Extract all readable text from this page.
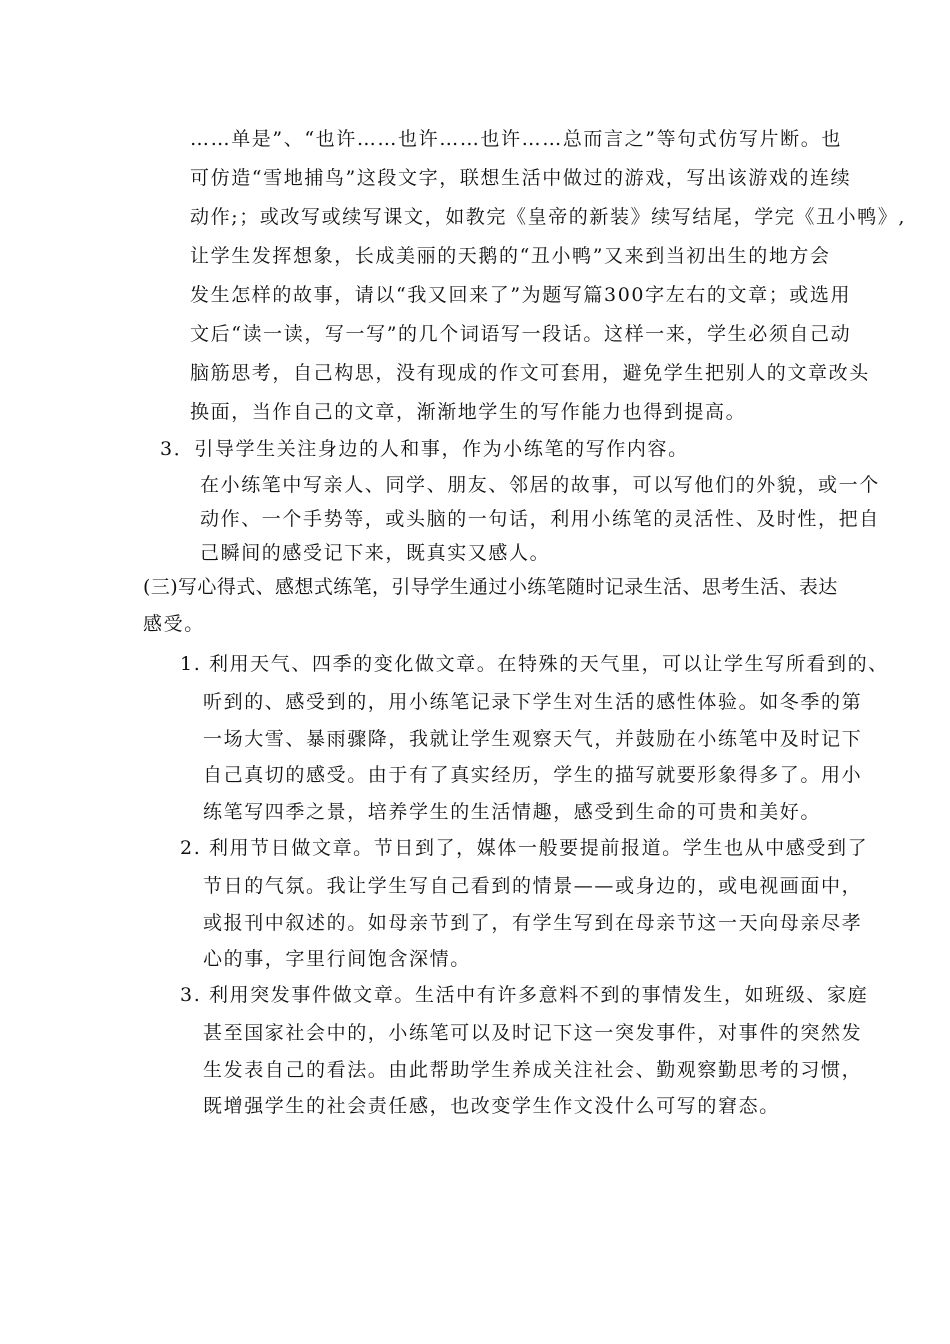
……单是”、“也许……也许……也许……总而言之”等句式仿写片断。也
可仿造“雪地捕鸟”这段文字，联想生活中做过的游戏，写出该游戏的连续
动作;；或改写或续写课文，如教完《皇帝的新装》续写结尾，学完《丑小鸭》,
让学生发挥想象，长成美丽的天鹅的“丑小鸭”又来到当初出生的地方会
发生怎样的故事，请以“我又回来了”为题写篇300字左右的文章；或选用
文后“读一读，写一写”的几个词语写一段话。这样一来，学生必须自己动
脑筋思考，自己构思，没有现成的作文可套用，避免学生把别人的文章改头
换面，当作自己的文章，渐渐地学生的写作能力也得到提高。
3．引导学生关注身边的人和事，作为小练笔的写作内容。
在小练笔中写亲人、同学、朋友、邻居的故事，可以写他们的外貌，或一个
动作、一个手势等，或头脑的一句话，利用小练笔的灵活性、及时性，把自
己瞬间的感受记下来，既真实又感人。
(三)写心得式、感想式练笔，引导学生通过小练笔随时记录生活、思考生活、表达
感受。
1. 利用天气、四季的变化做文章。在特殊的天气里，可以让学生写所看到的、
听到的、感受到的，用小练笔记录下学生对生活的感性体验。如冬季的第
一场大雪、暴雨骤降，我就让学生观察天气，并鼓励在小练笔中及时记下
自己真切的感受。由于有了真实经历，学生的描写就要形象得多了。用小
练笔写四季之景，培养学生的生活情趣，感受到生命的可贵和美好。
2. 利用节日做文章。节日到了，媒体一般要提前报道。学生也从中感受到了
节日的气氛。我让学生写自己看到的情景——或身边的，或电视画面中，
或报刊中叙述的。如母亲节到了，有学生写到在母亲节这一天向母亲尽孝
心的事，字里行间饱含深情。
3. 利用突发事件做文章。生活中有许多意料不到的事情发生，如班级、家庭
甚至国家社会中的，小练笔可以及时记下这一突发事件，对事件的突然发
生发表自己的看法。由此帮助学生养成关注社会、勤观察勤思考的习惯，
既增强学生的社会责任感，也改变学生作文没什么可写的窘态。
